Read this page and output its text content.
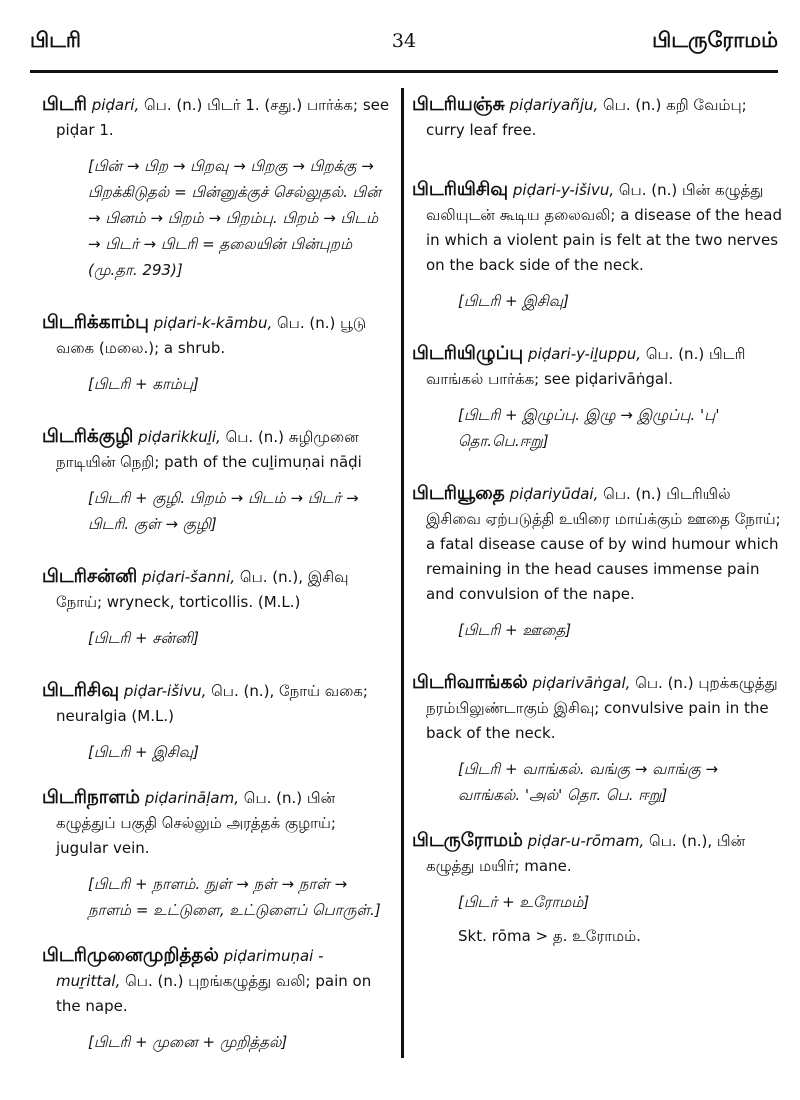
பிடரி	34	பிடருரோமம்
பிடரி piḍari, பெ. (n.) பிடர் 1. (சது.) பார்க்க; see piḍar 1.
[பின் → பிற → பிறவு → பிறகு → பிறக்கு → பிறக்கிடுதல் = பின்னுக்குச் செல்லுதல். பின் → பினம் → பிறம் → பிறம்பு. பிறம் → பிடம் → பிடர் → பிடரி = தலையின் பின்புறம் (மு.தா. 293)]
பிடரிக்காம்பு piḍari-k-kāmbu, பெ. (n.) பூடு வகை (மலை.); a shrub.
[பிடரி + காம்பு]
பிடரிக்குழி piḍarikkuḻi, பெ. (n.) சுழிமுனை நாடியின் நெறி; path of the cuḻimuṇai nāḍi
[பிடரி + குழி. பிறம் → பிடம் → பிடர் → பிடரி. குள் → குழி]
பிடரிசன்னி piḍari-šanni, பெ. (n.), இசிவு நோய்; wryneck, torticollis. (M.L.)
[பிடரி + சன்னி]
பிடரிசிவு piḍar-išivu, பெ. (n.), நோய் வகை; neuralgia (M.L.)
[பிடரி + இசிவு]
பிடரிநாளம் piḍarināḷam, பெ. (n.) பின் கழுத்துப் பகுதி செல்லும் அரத்தக் குழாய்; jugular vein.
[பிடரி + நாளம். நுள் → நள் → நாள் → நாளம் = உட்டுளை, உட்டுளைப் பொருள்.]
பிடரிமுனைமுறித்தல் piḍarimuṇai - muṟittal, பெ. (n.) புறங்கழுத்து வலி; pain on the nape.
[பிடரி + முனை + முறித்தல்]
பிடரியஞ்சு piḍariyañju, பெ. (n.) கறி வேம்பு; curry leaf free.
பிடரியிசிவு piḍari-y-išivu, பெ. (n.) பின் கழுத்து வலியுடன் கூடிய தலைவலி; a disease of the head in which a violent pain is felt at the two nerves on the back side of the neck.
[பிடரி + இசிவு]
பிடரியிழுப்பு piḍari-y-iḻuppu, பெ. (n.) பிடரி வாங்கல் பார்க்க; see piḍarivāṅgal.
[பிடரி + இழுப்பு. இழு → இழுப்பு. 'பு' தொ.பெ.ஈறு]
பிடரியூதை piḍariyūdai, பெ. (n.) பிடரியில் இசிவை ஏற்படுத்தி உயிரை மாய்க்கும் ஊதை நோய்; a fatal disease cause of by wind humour which remaining in the head causes immense pain and convulsion of the nape.
[பிடரி + ஊதை]
பிடரிவாங்கல் piḍarivāṅgal, பெ. (n.) புறக்கழுத்து நரம்பிலுண்டாகும் இசிவு; convulsive pain in the back of the neck.
[பிடரி + வாங்கல். வங்கு → வாங்கு → வாங்கல். 'அல்' தொ. பெ. ஈறு]
பிடருரோமம் piḍar-u-rōmam, பெ. (n.), பின் கழுத்து மயிர்; mane.
[பிடர் + உரோமம்]
Skt. rōma > த. உரோமம்.
